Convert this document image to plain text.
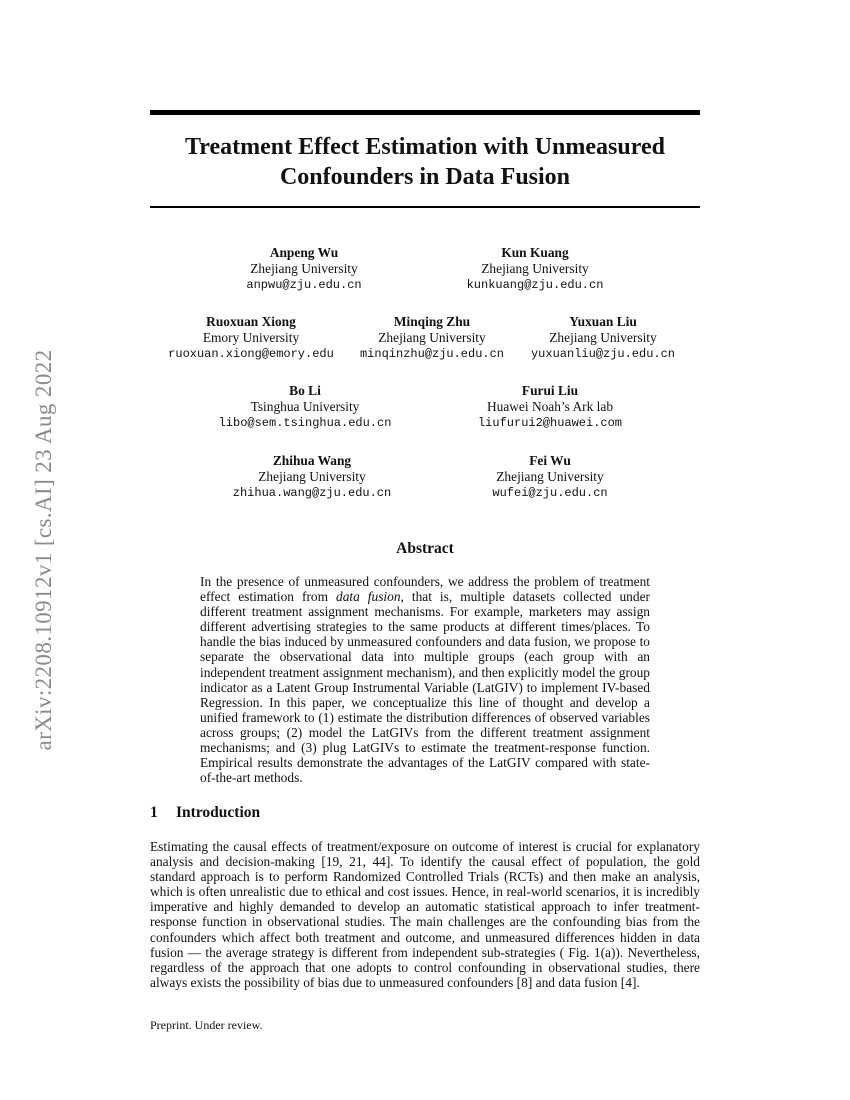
arXiv:2208.10912v1 [cs.AI] 23 Aug 2022
Treatment Effect Estimation with Unmeasured
Confounders in Data Fusion
Anpeng Wu
Zhejiang University
anpwu@zju.edu.cn
Kun Kuang
Zhejiang University
kunkuang@zju.edu.cn
Ruoxuan Xiong
Emory University
ruoxuan.xiong@emory.edu
Minqing Zhu
Zhejiang University
minqinzhu@zju.edu.cn
Yuxuan Liu
Zhejiang University
yuxuanliu@zju.edu.cn
Bo Li
Tsinghua University
libo@sem.tsinghua.edu.cn
Furui Liu
Huawei Noah’s Ark lab
liufurui2@huawei.com
Zhihua Wang
Zhejiang University
zhihua.wang@zju.edu.cn
Fei Wu
Zhejiang University
wufei@zju.edu.cn
Abstract

In the presence of unmeasured confounders, we address the problem of treatment effect estimation from data fusion, that is, multiple datasets collected under different treatment assignment mechanisms. For example, marketers may assign different advertising strategies to the same products at different times/places. To handle the bias induced by unmeasured confounders and data fusion, we propose to separate the observational data into multiple groups (each group with an independent treatment assignment mechanism), and then explicitly model the group indicator as a Latent Group Instrumental Variable (LatGIV) to implement IV-based Regression. In this paper, we conceptualize this line of thought and develop a unified framework to (1) estimate the distribution differences of observed variables across groups; (2) model the LatGIVs from the different treatment assignment mechanisms; and (3) plug LatGIVs to estimate the treatment-response function. Empirical results demonstrate the advantages of the LatGIV compared with state-of-the-art methods.

1 Introduction

Estimating the causal effects of treatment/exposure on outcome of interest is crucial for explanatory analysis and decision-making [19, 21, 44]. To identify the causal effect of population, the gold standard approach is to perform Randomized Controlled Trials (RCTs) and then make an analysis, which is often unrealistic due to ethical and cost issues. Hence, in real-world scenarios, it is incredibly imperative and highly demanded to develop an automatic statistical approach to infer treatment-response function in observational studies. The main challenges are the confounding bias from the confounders which affect both treatment and outcome, and unmeasured differences hidden in data fusion — the average strategy is different from independent sub-strategies ( Fig. 1(a)). Nevertheless, regardless of the approach that one adopts to control confounding in observational studies, there always exists the possibility of bias due to unmeasured confounders [8] and data fusion [4].

Preprint. Under review.
